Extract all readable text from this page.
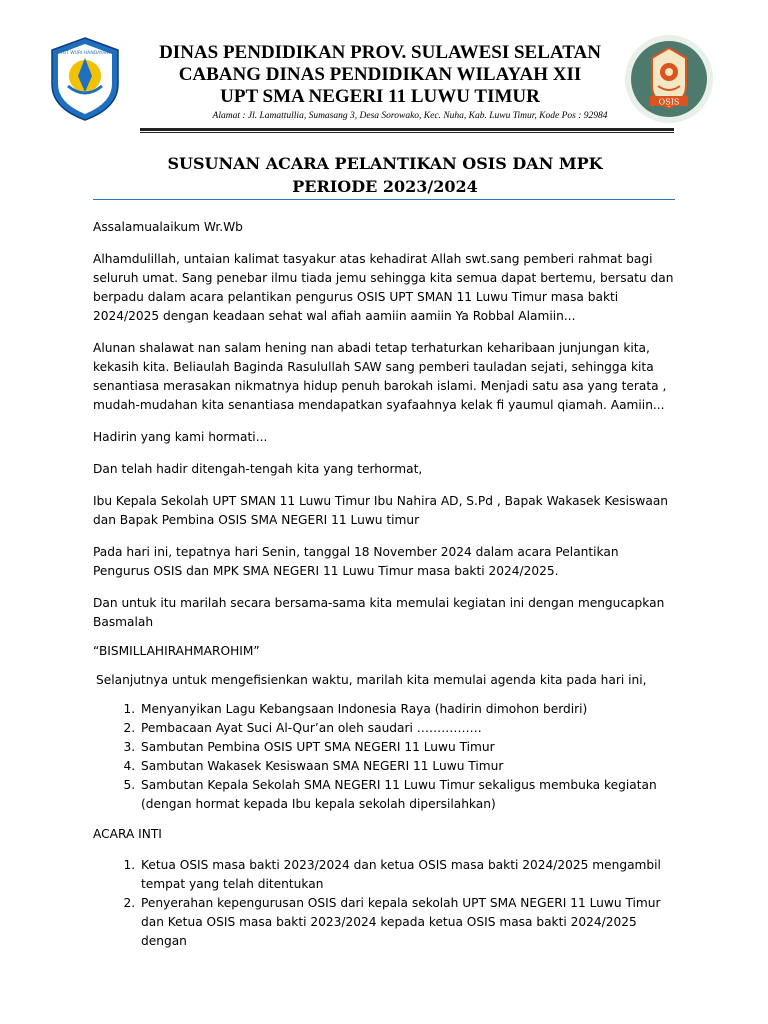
TUT WURI HANDAYANI	DINAS PENDIDIKAN PROV. SULAWESI SELATAN
CABANG DINAS PENDIDIKAN WILAYAH XII
UPT SMA NEGERI 11 LUWU TIMUR
Alamat : Jl. Lamattullia, Sumasang 3, Desa Sorowako, Kec. Nuha, Kab. Luwu Timur, Kode Pos : 92984
OSIS
SUSUNAN ACARA PELANTIKAN OSIS DAN MPK
PERIODE 2023/2024

Assalamualaikum Wr.Wb

Alhamdulillah, untaian kalimat tasyakur atas kehadirat Allah swt.sang pemberi rahmat bagi seluruh umat. Sang penebar ilmu tiada jemu sehingga kita semua dapat bertemu, bersatu dan berpadu dalam acara pelantikan pengurus OSIS UPT SMAN 11 Luwu Timur masa bakti 2024/2025 dengan keadaan sehat wal afiah aamiin aamiin Ya Robbal Alamiin...

Alunan shalawat nan salam hening nan abadi tetap terhaturkan keharibaan junjungan kita, kekasih kita. Beliaulah Baginda Rasulullah SAW sang pemberi tauladan sejati, sehingga kita senantiasa merasakan nikmatnya hidup penuh barokah islami. Menjadi satu asa yang terata , mudah-mudahan kita senantiasa mendapatkan syafaahnya kelak fi yaumul qiamah. Aamiin...

Hadirin yang kami hormati...

Dan telah hadir ditengah-tengah kita yang terhormat,

Ibu Kepala Sekolah UPT SMAN 11 Luwu Timur Ibu Nahira AD, S.Pd , Bapak Wakasek Kesiswaan dan Bapak Pembina OSIS SMA NEGERI 11 Luwu timur

Pada hari ini, tepatnya hari Senin, tanggal 18 November 2024 dalam acara Pelantikan Pengurus OSIS dan MPK SMA NEGERI 11 Luwu Timur masa bakti 2024/2025.

Dan untuk itu marilah secara bersama-sama kita memulai kegiatan ini dengan mengucapkan Basmalah

“BISMILLAHIRAHMAROHIM”

Selanjutnya untuk mengefisienkan waktu, marilah kita memulai agenda kita pada hari ini,

1. Menyanyikan Lagu Kebangsaan Indonesia Raya (hadirin dimohon berdiri)
2. Pembacaan Ayat Suci Al-Qur’an oleh saudari …………….
3. Sambutan Pembina OSIS UPT SMA NEGERI 11 Luwu Timur
4. Sambutan Wakasek Kesiswaan SMA NEGERI 11 Luwu Timur
5. Sambutan Kepala Sekolah SMA NEGERI 11 Luwu Timur sekaligus membuka kegiatan (dengan hormat kepada Ibu kepala sekolah dipersilahkan)

ACARA INTI

1. Ketua OSIS masa bakti 2023/2024 dan ketua OSIS masa bakti 2024/2025 mengambil tempat yang telah ditentukan
2. Penyerahan kepengurusan OSIS dari kepala sekolah UPT SMA NEGERI 11 Luwu Timur dan Ketua OSIS masa bakti 2023/2024 kepada ketua OSIS masa bakti 2024/2025 dengan
